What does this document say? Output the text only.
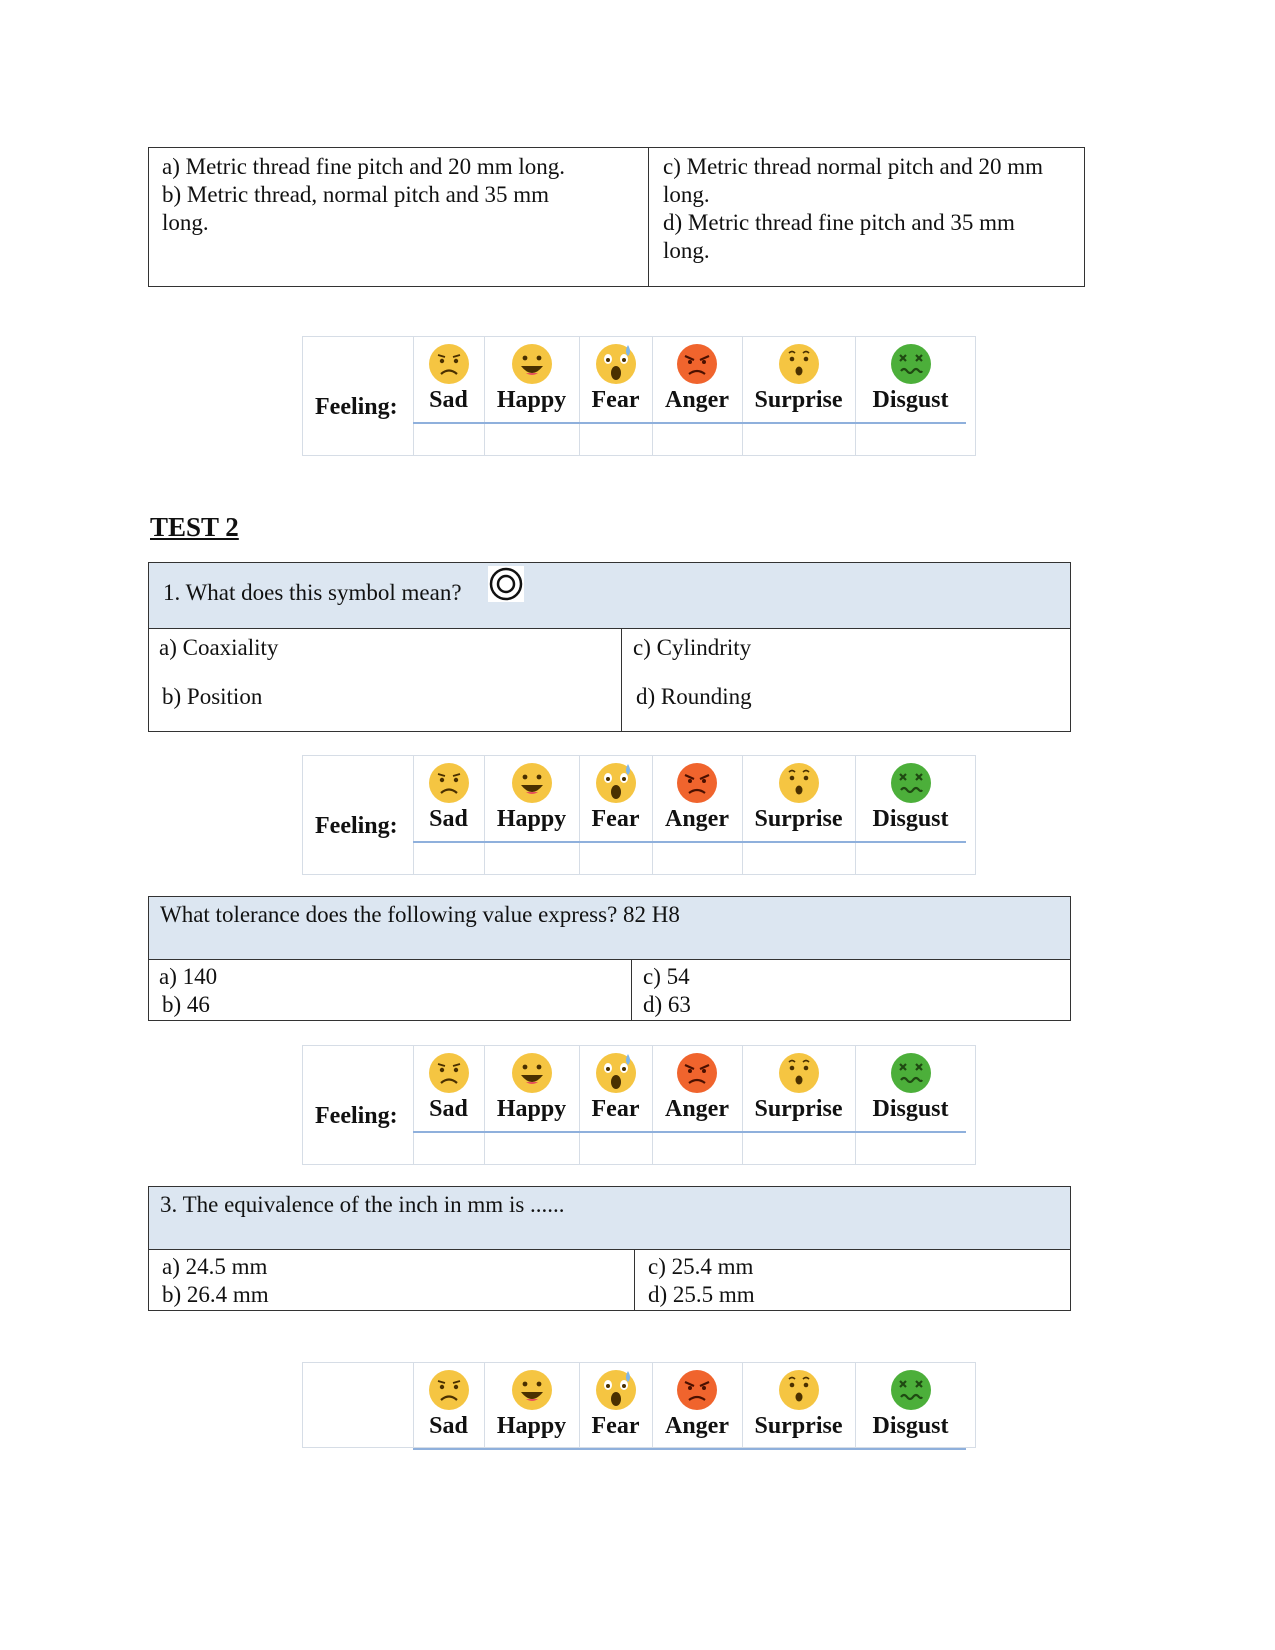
a) Metric thread fine pitch and 20 mm long.
b) Metric thread, normal pitch and 35 mm
long.

c) Metric thread normal pitch and 20 mm
long.
d) Metric thread fine pitch and 35 mm
long.
Feeling:	Sad	Happy	Fear	Anger	Surprise	Disgust
TEST 2
1. What does this symbol mean?

a) Coaxiality
b) Position

c) Cylindrity
d) Rounding
Feeling:	Sad	Happy	Fear	Anger	Surprise	Disgust
What tolerance does the following value express? 82 H8

a) 140
b) 46

c) 54
d) 63
Feeling:	Sad	Happy	Fear	Anger	Surprise	Disgust
3. The equivalence of the inch in mm is ......

a) 24.5 mm
b) 26.4 mm

c) 25.4 mm
d) 25.5 mm
Sad	Happy	Fear	Anger	Surprise	Disgust
